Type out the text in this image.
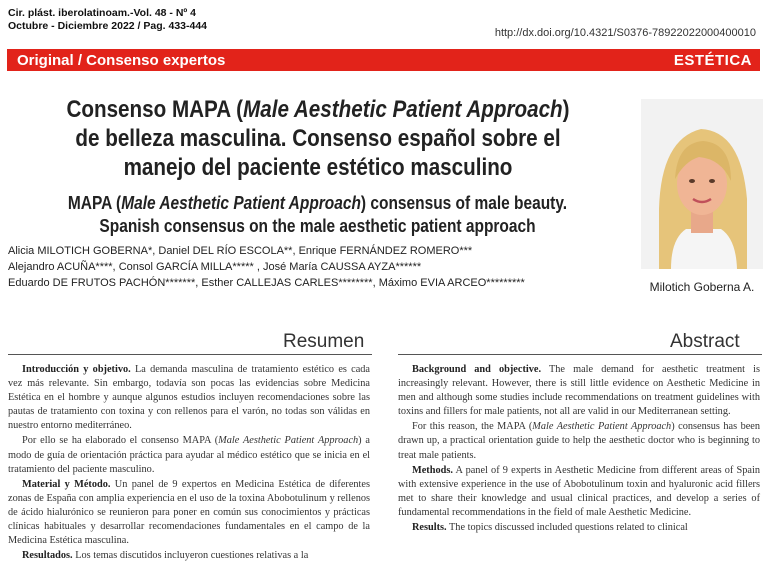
Cir. plást. iberolatinoam.-Vol. 48 - Nº 4
Octubre - Diciembre 2022 / Pag. 433-444
http://dx.doi.org/10.4321/S0376-78922022000400010
Original / Consenso expertos	ESTÉTICA
Consenso MAPA (Male Aesthetic Patient Approach) de belleza masculina. Consenso español sobre el manejo del paciente estético masculino
MAPA (Male Aesthetic Patient Approach) consensus of male beauty. Spanish consensus on the male aesthetic patient approach
Alicia MILOTICH GOBERNA*, Daniel DEL RÍO ESCOLA**, Enrique FERNÁNDEZ ROMERO***
Alejandro ACUÑA****, Consol GARCÍA MILLA***** , José María CAUSSA AYZA******
Eduardo DE FRUTOS PACHÓN*******, Esther CALLEJAS CARLES********, Máximo EVIA ARCEO*********	Milotich Goberna A.
Resumen	Abstract

Introducción y objetivo. La demanda masculina de tratamiento estético es cada vez más relevante. Sin embargo, todavía son pocas las evidencias sobre Medicina Estética en el hombre y aunque algunos estudios incluyen recomendaciones sobre las pautas de tratamiento con toxina y con rellenos para el varón, no todas son válidas en nuestro entorno mediterráneo.

Por ello se ha elaborado el consenso MAPA (Male Aesthetic Patient Approach) a modo de guía de orientación práctica para ayudar al médico estético que se inicia en el tratamiento del paciente masculino.

Material y Método. Un panel de 9 expertos en Medicina Estética de diferentes zonas de España con amplia experiencia en el uso de la toxina Abobotulinum y rellenos de ácido hialurónico se reunieron para poner en común sus conocimientos y prácticas clínicas habituales y desarrollar recomendaciones fundamentales en el campo de la Medicina Estética masculina.

Resultados. Los temas discutidos incluyeron cuestiones relativas a la

Background and objective. The male demand for aesthetic treatment is increasingly relevant. However, there is still little evidence on Aesthetic Medicine in men and although some studies include recommendations on treatment guidelines with toxins and fillers for male patients, not all are valid in our Mediterranean setting.

For this reason, the MAPA (Male Aesthetic Patient Approach) consensus has been drawn up, a practical orientation guide to help the aesthetic doctor who is beginning to treat male patients.

Methods. A panel of 9 experts in Aesthetic Medicine from different areas of Spain with extensive experience in the use of Abobotulinum toxin and hyaluronic acid fillers met to share their knowledge and usual clinical practices, and develop a series of fundamental recommendations in the field of male Aesthetic Medicine.

Results. The topics discussed included questions related to clinical
